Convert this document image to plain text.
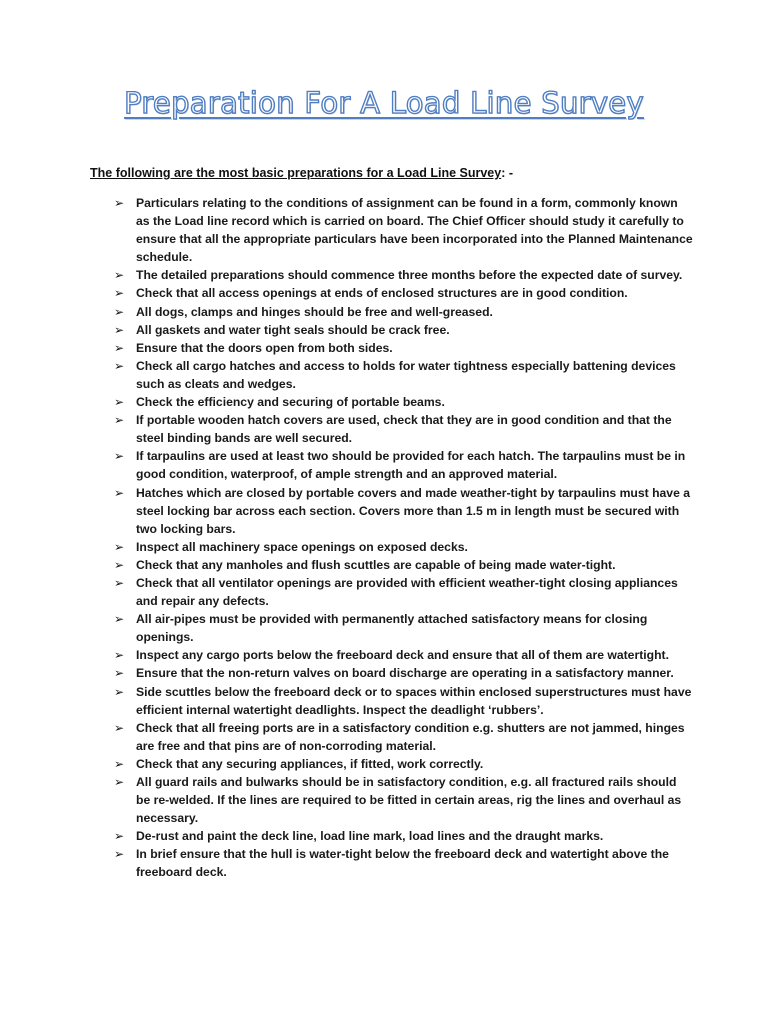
Preparation For A Load Line Survey
The following are the most basic preparations for a Load Line Survey: -
➢ Particulars relating to the conditions of assignment can be found in a form, commonly known as the Load line record which is carried on board. The Chief Officer should study it carefully to ensure that all the appropriate particulars have been incorporated into the Planned Maintenance schedule.
➢ The detailed preparations should commence three months before the expected date of survey.
➢ Check that all access openings at ends of enclosed structures are in good condition.
➢ All dogs, clamps and hinges should be free and well-greased.
➢ All gaskets and water tight seals should be crack free.
➢ Ensure that the doors open from both sides.
➢ Check all cargo hatches and access to holds for water tightness especially battening devices such as cleats and wedges.
➢ Check the efficiency and securing of portable beams.
➢ If portable wooden hatch covers are used, check that they are in good condition and that the steel binding bands are well secured.
➢ If tarpaulins are used at least two should be provided for each hatch. The tarpaulins must be in good condition, waterproof, of ample strength and an approved material.
➢ Hatches which are closed by portable covers and made weather-tight by tarpaulins must have a steel locking bar across each section. Covers more than 1.5 m in length must be secured with two locking bars.
➢ Inspect all machinery space openings on exposed decks.
➢ Check that any manholes and flush scuttles are capable of being made water-tight.
➢ Check that all ventilator openings are provided with efficient weather-tight closing appliances and repair any defects.
➢ All air-pipes must be provided with permanently attached satisfactory means for closing openings.
➢ Inspect any cargo ports below the freeboard deck and ensure that all of them are watertight.
➢ Ensure that the non-return valves on board discharge are operating in a satisfactory manner.
➢ Side scuttles below the freeboard deck or to spaces within enclosed superstructures must have efficient internal watertight deadlights. Inspect the deadlight ‘rubbers’.
➢ Check that all freeing ports are in a satisfactory condition e.g. shutters are not jammed, hinges are free and that pins are of non-corroding material.
➢ Check that any securing appliances, if fitted, work correctly.
➢ All guard rails and bulwarks should be in satisfactory condition, e.g. all fractured rails should be re-welded. If the lines are required to be fitted in certain areas, rig the lines and overhaul as necessary.
➢ De-rust and paint the deck line, load line mark, load lines and the draught marks.
➢ In brief ensure that the hull is water-tight below the freeboard deck and watertight above the freeboard deck.
